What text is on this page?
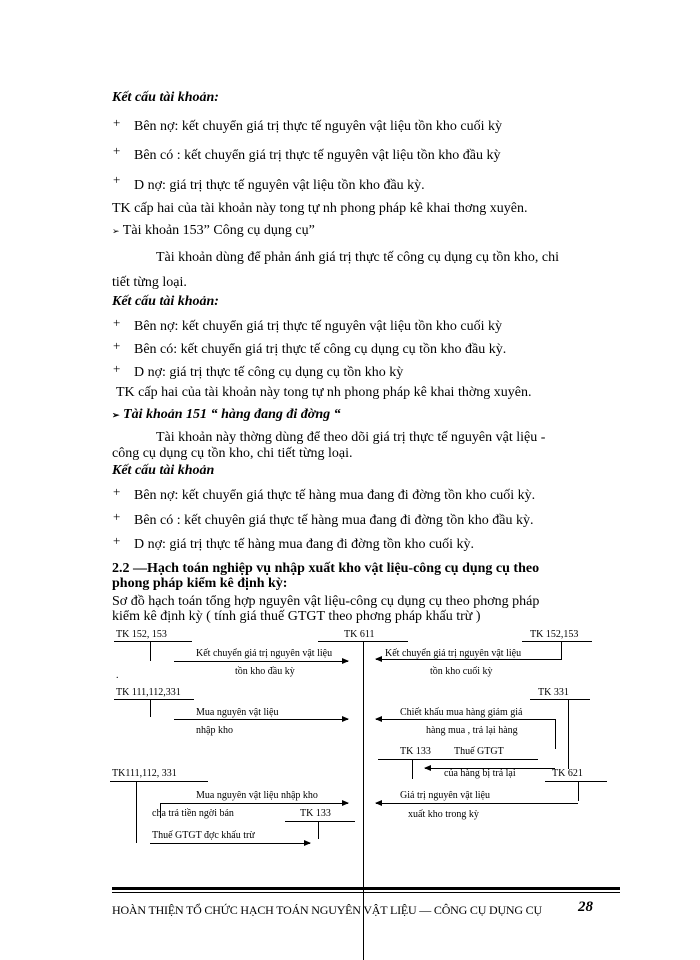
Kết cấu tài khoản:
+ Bên nợ: kết chuyển giá trị thực tế nguyên vật liệu tồn kho cuối kỳ
+ Bên có : kết chuyển giá trị thực tế nguyên vật liệu tồn kho đầu kỳ
+ D nợ: giá trị thực tế nguyên vật liệu tồn kho đầu kỳ.
TK cấp hai của tài khoản này tong tự nh phong pháp kê khai thơng xuyên.
➢ Tài khoản 153” Công cụ dụng cụ”
Tài khoản dùng để phản ánh giá trị thực tế công cụ dụng cụ tồn kho, chi
tiết từng loại.
Kết cấu tài khoản:
+ Bên nợ: kết chuyển giá trị thực tế nguyên vật liệu tồn kho cuối kỳ
+ Bên có: kết chuyển giá trị thực tế công cụ dụng cụ tồn kho đầu kỳ.
+ D nợ: giá trị thực tế công cụ dụng cụ tồn kho kỳ
TK cấp hai của tài khoản này tong tự nh phong pháp kê khai thờng xuyên.
➢ Tài khoản 151 “ hàng đang đi đờng “
Tài khoản này thờng dùng để theo dõi giá trị thực tế nguyên vật liệu -
công cụ dụng cụ tồn kho, chi tiết từng loại.
Kết cấu tài khoản
+ Bên nợ: kết chuyển giá thực tế hàng mua đang đi đờng tồn kho cuối kỳ.
+ Bên có : kết chuyên giá thực tế hàng mua đang đi đờng tồn kho đầu kỳ.
+ D nợ: giá trị thực tế hàng mua đang đi đờng tồn kho cuối kỳ.
2.2 —Hạch toán nghiệp vụ nhập xuất kho vật liệu-công cụ dụng cụ theo
phong pháp kiểm kê định kỳ:
Sơ đồ hạch toán tổng hợp nguyên vật liệu-công cụ dụng cụ theo phơng pháp
kiểm kê định kỳ ( tính giá thuế GTGT theo phơng pháp khấu trừ )
TK 152, 153	TK 611	TK 152,153
Kết chuyển giá trị nguyên vật liệu
tồn kho đầu kỳ
.
Kết chuyển giá trị nguyên vật liệu
tồn kho cuối kỳ
TK 111,112,331
Mua nguyên vật liệu
nhập kho
TK 331
Chiết khấu mua hàng giảm giá
hàng mua , trả lại hàng
TK 133 Thuế GTGT
của hàng bị trả lại	TK 621
TK111,112, 331
Mua nguyên vật liệu nhập kho
cha trả tiền ngời bán	TK 133
Thuế GTGT đợc khấu trừ
Giá trị nguyên vật liệu
xuất kho trong kỳ
HOÀN THIỆN TỔ CHỨC HẠCH TOÁN NGUYÊN VẬT LIỆU — CÔNG CỤ DỤNG CỤ 28
